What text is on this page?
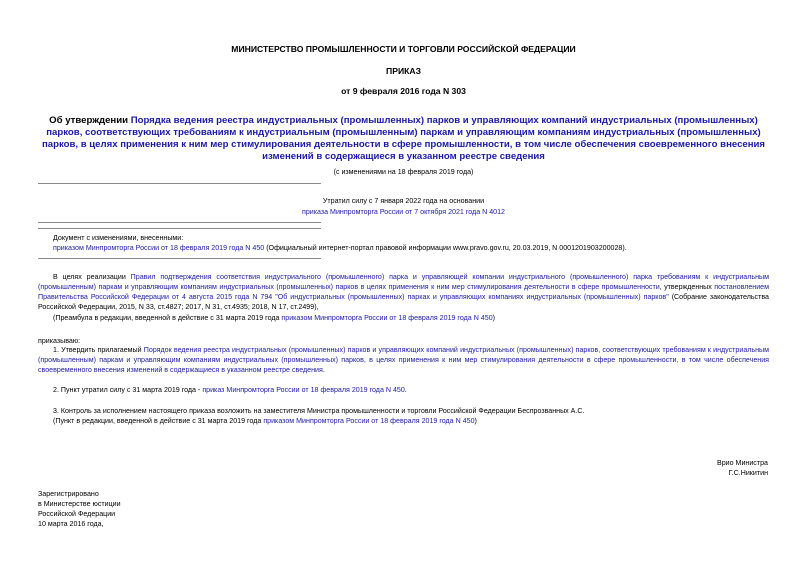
МИНИСТЕРСТВО ПРОМЫШЛЕННОСТИ И ТОРГОВЛИ РОССИЙСКОЙ ФЕДЕРАЦИИ
ПРИКАЗ
от 9 февраля 2016 года N 303
Об утверждении Порядка ведения реестра индустриальных (промышленных) парков и управляющих компаний индустриальных (промышленных) парков, соответствующих требованиям к индустриальным (промышленным) паркам и управляющим компаниям индустриальных (промышленных) парков, в целях применения к ним мер стимулирования деятельности в сфере промышленности, в том числе обеспечения своевременного внесения изменений в содержащиеся в указанном реестре сведения
(с изменениями на 18 февраля 2019 года)
Утратил силу с 7 января 2022 года на основании
приказа Минпромторга России от 7 октября 2021 года N 4012
Документ с изменениями, внесенными:
приказом Минпромторга России от 18 февраля 2019 года N 450 (Официальный интернет-портал правовой информации www.pravo.gov.ru, 20.03.2019, N 0001201903200028).
В целях реализации Правил подтверждения соответствия индустриального (промышленного) парка и управляющей компании индустриального (промышленного) парка требованиям к индустриальным (промышленным) паркам и управляющим компаниям индустриальных (промышленных) парков в целях применения к ним мер стимулирования деятельности в сфере промышленности, утвержденных постановлением Правительства Российской Федерации от 4 августа 2015 года N 794 "Об индустриальных (промышленных) парках и управляющих компаниях индустриальных (промышленных) парков" (Собрание законодательства Российской Федерации, 2015, N 33, ст.4827; 2017, N 31, ст.4935; 2018, N 17, ст.2499),
(Преамбула в редакции, введенной в действие с 31 марта 2019 года приказом Минпромторга России от 18 февраля 2019 года N 450)
приказываю:
1. Утвердить прилагаемый Порядок ведения реестра индустриальных (промышленных) парков и управляющих компаний индустриальных (промышленных) парков, соответствующих требованиям к индустриальным (промышленным) паркам и управляющим компаниям индустриальных (промышленных) парков, в целях применения к ним мер стимулирования деятельности в сфере промышленности, в том числе обеспечения своевременного внесения изменений в содержащиеся в указанном реестре сведения.
2. Пункт утратил силу с 31 марта 2019 года - приказ Минпромторга России от 18 февраля 2019 года N 450.
3. Контроль за исполнением настоящего приказа возложить на заместителя Министра промышленности и торговли Российской Федерации Беспрозванных А.С.
(Пункт в редакции, введенной в действие с 31 марта 2019 года приказом Минпромторга России от 18 февраля 2019 года N 450)
Врио Министра
Г.С.Никитин
Зарегистрировано
в Министерстве юстиции
Российской Федерации
10 марта 2016 года,
